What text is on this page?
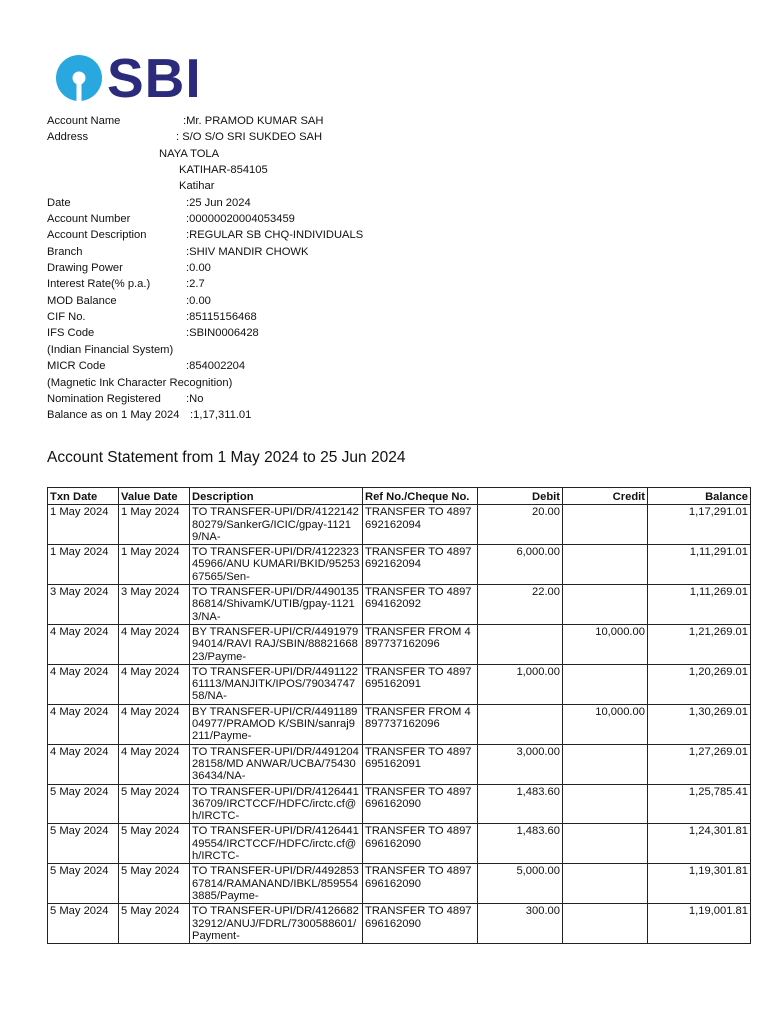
SBI
Account Name	:Mr. PRAMOD KUMAR SAH
Address	: S/O S/O SRI SUKDEO SAH
NAYA TOLA
KATIHAR-854105
Katihar
Date	:25 Jun 2024
Account Number	:00000020004053459
Account Description	:REGULAR SB CHQ-INDIVIDUALS
Branch	:SHIV MANDIR CHOWK
Drawing Power	:0.00
Interest Rate(% p.a.)	:2.7
MOD Balance	:0.00
CIF No.	:85115156468
IFS Code	:SBIN0006428
(Indian Financial System)
MICR Code	:854002204
(Magnetic Ink Character Recognition)
Nomination Registered :No
Balance as on 1 May 2024 :1,17,311.01
Account Statement from 1 May 2024 to 25 Jun 2024
Txn Date	Value Date	Description	Ref No./Cheque No.	Debit	Credit	Balance
1 May 2024	1 May 2024	TO TRANSFER-UPI/DR/412214280279/SankerG/ICIC/gpay-11219/NA-	TRANSFER TO 4897692162094	20.00		1,17,291.01
1 May 2024	1 May 2024	TO TRANSFER-UPI/DR/412232345966/ANU KUMARI/BKID/9525367565/Sen-	TRANSFER TO 4897692162094	6,000.00		1,11,291.01
3 May 2024	3 May 2024	TO TRANSFER-UPI/DR/449013586814/ShivamK/UTIB/gpay-11213/NA-	TRANSFER TO 4897694162092	22.00		1,11,269.01
4 May 2024	4 May 2024	BY TRANSFER-UPI/CR/449197994014/RAVI RAJ/SBIN/8882166823/Payme-	TRANSFER FROM 4897737162096		10,000.00	1,21,269.01
4 May 2024	4 May 2024	TO TRANSFER-UPI/DR/449112261113/MANJITK/IPOS/7903474758/NA-	TRANSFER TO 4897695162091	1,000.00		1,20,269.01
4 May 2024	4 May 2024	BY TRANSFER-UPI/CR/449118904977/PRAMOD K/SBIN/sanraj9211/Payme-	TRANSFER FROM 4897737162096		10,000.00	1,30,269.01
4 May 2024	4 May 2024	TO TRANSFER-UPI/DR/449120428158/MD ANWAR/UCBA/7543036434/NA-	TRANSFER TO 4897695162091	3,000.00		1,27,269.01
5 May 2024	5 May 2024	TO TRANSFER-UPI/DR/412644136709/IRCTCCF/HDFC/irctc.cf@h/IRCTC-	TRANSFER TO 4897696162090	1,483.60		1,25,785.41
5 May 2024	5 May 2024	TO TRANSFER-UPI/DR/412644149554/IRCTCCF/HDFC/irctc.cf@h/IRCTC-	TRANSFER TO 4897696162090	1,483.60		1,24,301.81
5 May 2024	5 May 2024	TO TRANSFER-UPI/DR/449285367814/RAMANAND/IBKL/8595543885/Payme-	TRANSFER TO 4897696162090	5,000.00		1,19,301.81
5 May 2024	5 May 2024	TO TRANSFER-UPI/DR/412668232912/ANUJ/FDRL/7300588601/Payment-	TRANSFER TO 4897696162090	300.00		1,19,001.81
